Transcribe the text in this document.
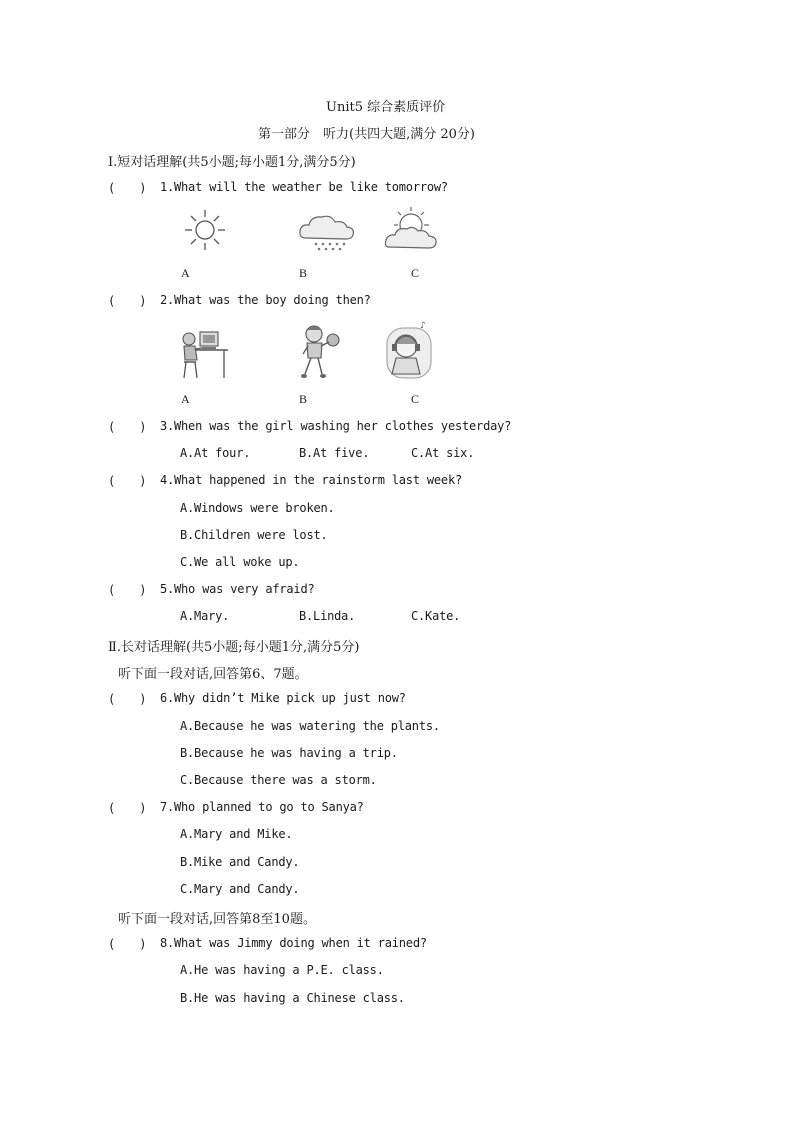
Unit5 综合素质评价
第一部分　听力(共四大题,满分 20分)
Ⅰ.短对话理解(共5小题;每小题1分,满分5分)
(　　) 1. What will the weather be like tomorrow?
A	B	C
(　　) 2. What was the boy doing then?
♪
A	B	C
(　　) 3. When was the girl washing her clothes yesterday?
A.At four.	B.At five.	C.At six.
(　　) 4. What happened in the rainstorm last week?
A.Windows were broken.
B.Children were lost.
C.We all woke up.
(　　) 5. Who was very afraid?
A.Mary.	B.Linda.	C.Kate.
Ⅱ.长对话理解(共5小题;每小题1分,满分5分)
听下面一段对话,回答第6、7题。
(　　) 6. Why didn’t Mike pick up just now?
A.Because he was watering the plants.
B.Because he was having a trip.
C.Because there was a storm.
(　　) 7. Who planned to go to Sanya?
A.Mary and Mike.
B.Mike and Candy.
C.Mary and Candy.
听下面一段对话,回答第8至10题。
(　　) 8. What was Jimmy doing when it rained?
A.He was having a P.E. class.
B.He was having a Chinese class.
